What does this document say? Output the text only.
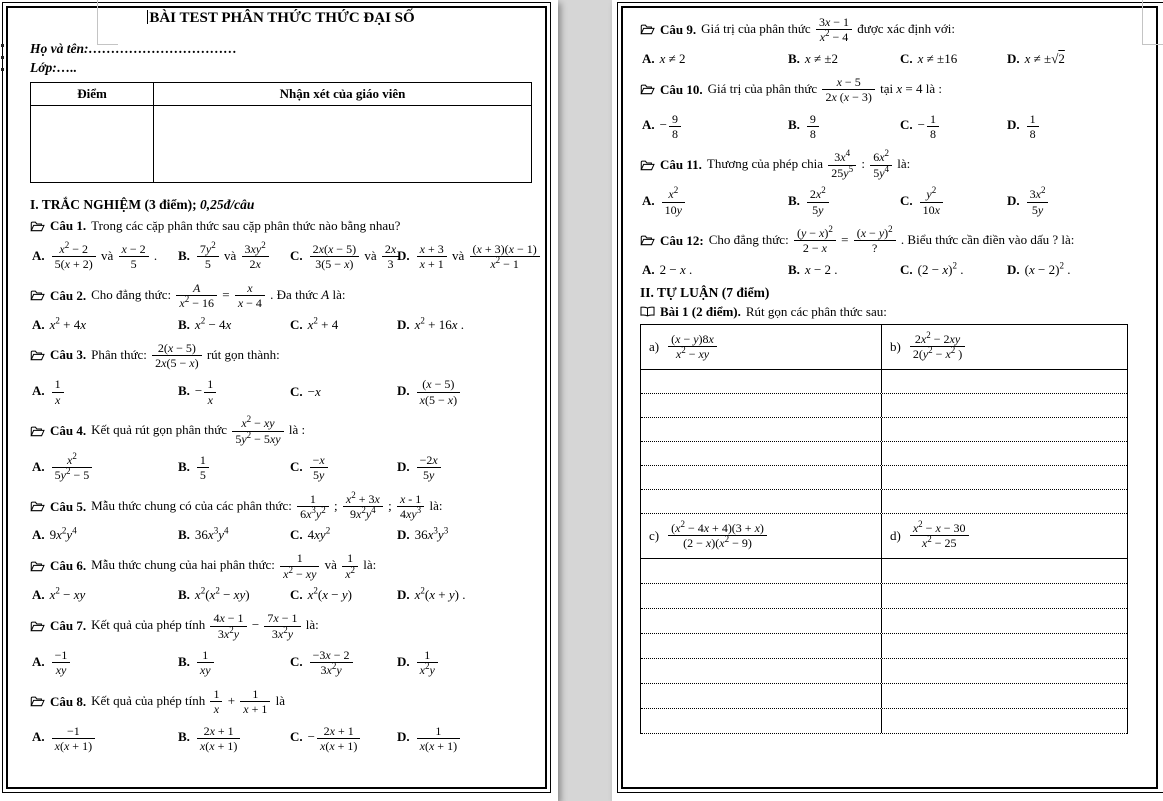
BÀI TEST PHÂN THỨC THỨC ĐẠI SỐ

Họ và tên:……………………………

Lớp:…..

Điểm	Nhận xét của giáo viên
I. TRẮC NGHIỆM (3 điểm); 0,25đ/câu
Câu 1. Trong các cặp phân thức sau cặp phân thức nào bằng nhau?
A. $\frac{x^2 - 2}{5(x + 2)}$ và $\frac{x - 2}{5}$ .	B. $\frac{7y^2}{5}$ và $\frac{3xy^2}{2x} C$. $\frac{2x(x - 5)}{3(5 - x)}$ và $\frac{2x}{3}$
D. $\frac{x + 3}{x + 1}$ và $\frac{(x + 3)(x - 1)}{x^2 - 1}$
Câu 2. Cho đẳng thức: $\frac{A}{x^2 - 16} = \frac{x}{x - 4}$ . Đa thức A là:
A. $x^2 + 4x$	B. $x^2 - 4x$	C. $x^2 + 4$	D. $x^2 + 16x$ .
Câu 3. Phân thức: $\frac{2(x - 5)}{2x(5 - x)}$ rút gọn thành:
A. $\frac{1}{x}$	B. − $\frac{1}{x}$	C. −x	D. $\frac{(x - 5)}{x(5 - x)}$
Câu 4. Kết quả rút gọn phân thức $\frac{x^2 - xy}{5y^2 - 5xy}$ là :
A. $\frac{x^2}{5y^2 - 5}$	B. $\frac{1}{5}$	C. $\frac{-x}{5y}$	D. $\frac{-2x}{5y}$
Câu 5. Mẫu thức chung có của các phân thức: $\frac{1}{6x^3y^2}$ ; $\frac{x^2 + 3x}{9x^2y^4}$ ; $\frac{x - 1}{4xy^3}$ là:
A. $9x^2y^4$	B. $36x^3y^4$	C. $4xy^2$	D. $36x^3y^3$
Câu 6. Mẫu thức chung của hai phân thức: $\frac{1}{x^2 - xy}$ và $\frac{1}{x^2}$ là:
A. $x^2$ − xy	B. $x^2(x^2 - xy)$	C. $x^2(x - y)$	D. $x^2(x + y)$ .
Câu 7. Kết quả của phép tính $\frac{4x - 1}{3x^2y} - \frac{7x - 1}{3x^2y}$ là:
A. $\frac{-1}{xy}$	B. $\frac{1}{xy}$	C. $\frac{-3x - 2}{3x^2y}$	D. $\frac{1}{x^2y}$
Câu 8. Kết quả của phép tính $\frac{1}{x} + \frac{1}{x + 1}$ là
A. $\frac{-1}{x(x + 1)}$	B. $\frac{2x + 1}{x(x + 1)}$	C. − $\frac{2x + 1}{x(x + 1)}$	D. $\frac{1}{x(x + 1)}$
Câu 9. Giá trị của phân thức $\frac{3x - 1}{x^2 - 4}$ được xác định với:
A. x ≠ 2	B. x ≠ ±2	C. x ≠ ±16	D. x ≠ ±√2
Câu 10. Giá trị của phân thức $\frac{x - 5}{2x (x - 3)}$ tại x = 4 là :
A. − $\frac{9}{8}$	B. $\frac{9}{8}$	C. − $\frac{1}{8}$	D. $\frac{1}{8}$
Câu 11. Thương của phép chia $\frac{3x^4}{25y^5}$ : $\frac{6x^2}{5y^4}$ là:
A. $\frac{x^2}{10y}$	B. $\frac{2x^2}{5y}$	C. $\frac{y^2}{10x}$	D. $\frac{3x^2}{5y}$
Câu 12: Cho đẳng thức: $\frac{(y - x)^2}{2 - x} = \frac{(x - y)^2}{?}$ . Biểu thức cần điền vào dấu ? là:
A. 2 − x .	B. x − 2 .	C. $(2 - x)^2$ .	D. $(x - 2)^2$ .
II. TỰ LUẬN (7 điểm)
Bài 1 (2 điểm). Rút gọn các phân thức sau:
$a) \frac{(x - y)8x}{x^2 - xy}$	$b) \frac{2x^2 - 2xy}{2(y^2 - x^2 )}$
$c) \frac{(x^2 - 4x + 4)(3 + x)}{(2 - x)(x^2 - 9)}$	$d) \frac{x^2 - x - 30}{x^2 - 25}$
